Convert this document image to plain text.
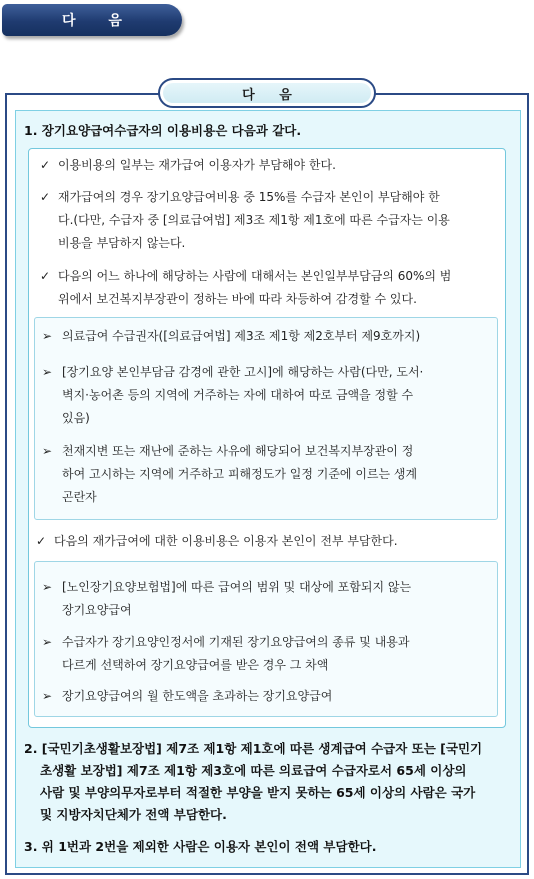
다 음
다 음
1. 장기요양급여수급자의 이용비용은 다음과 같다.
✓ 이용비용의 일부는 재가급여 이용자가 부담해야 한다.
✓ 재가급여의 경우 장기요양급여비용 중 15%를 수급자 본인이 부담해야 한
다.(다만, 수급자 중 [의료급여법] 제3조 제1항 제1호에 따른 수급자는 이용
비용을 부담하지 않는다.
✓ 다음의 어느 하나에 해당하는 사람에 대해서는 본인일부부담금의 60%의 범
위에서 보건복지부장관이 정하는 바에 따라 차등하여 감경할 수 있다.
➢ 의료급여 수급권자([의료급여법] 제3조 제1항 제2호부터 제9호까지)
➢ [장기요양 본인부담금 감경에 관한 고시]에 해당하는 사람(다만, 도서·
벽지·농어촌 등의 지역에 거주하는 자에 대하여 따로 금액을 정할 수
있음)
➢ 천재지변 또는 재난에 준하는 사유에 해당되어 보건복지부장관이 정
하여 고시하는 지역에 거주하고 피해정도가 일정 기준에 이르는 생계
곤란자
✓ 다음의 재가급여에 대한 이용비용은 이용자 본인이 전부 부담한다.
➢ [노인장기요양보험법]에 따른 급여의 범위 및 대상에 포함되지 않는
장기요양급여
➢ 수급자가 장기요양인정서에 기재된 장기요양급여의 종류 및 내용과
다르게 선택하여 장기요양급여를 받은 경우 그 차액
➢ 장기요양급여의 월 한도액을 초과하는 장기요양급여
2. [국민기초생활보장법] 제7조 제1항 제1호에 따른 생계급여 수급자 또는 [국민기
초생활 보장법] 제7조 제1항 제3호에 따른 의료급여 수급자로서 65세 이상의
사람 및 부양의무자로부터 적절한 부양을 받지 못하는 65세 이상의 사람은 국가
및 지방자치단체가 전액 부담한다.
3. 위 1번과 2번을 제외한 사람은 이용자 본인이 전액 부담한다.
